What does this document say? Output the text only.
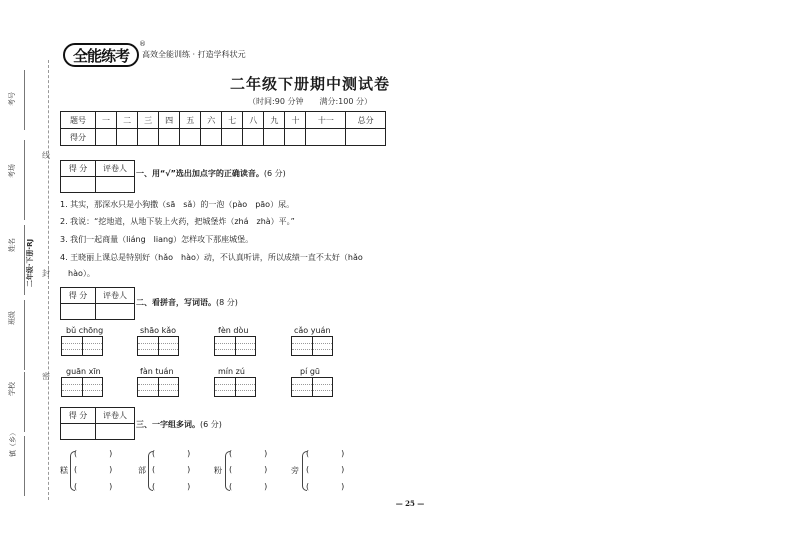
考号
考场
姓名
班级
学校
镇（乡）
二年级·下册·RJ
线
封
密
全能练考
®
高效全能训练 · 打造学科状元
二年级下册期中测试卷
（时间:90 分钟　　满分:100 分）
题号	一	二	三	四	五	六	七	八	九	十	十一	总分
得分												
得 分	评卷人

一、用“√”选出加点字的正确读音。(6 分)
1. 其实，那深水只是小狗撒（sā　sǎ）的一泡（pào　pāo）尿。
2. 我说：“挖地道，从地下装上火药，把城堡炸（zhá　zhà）平。”
3. 我们一起商量（liáng　liang）怎样攻下那座城堡。
4. 王晓丽上课总是特别好（hǎo　hào）动，不认真听讲，所以成绩一直不太好（hǎo
　hào）。
得 分	评卷人

二、看拼音，写词语。(8 分)
bǔ chōng	shāo kǎo	fèn dòu	cǎo yuán
guān xīn	fàn tuán	mín zú	pí gū
得 分	评卷人

三、一字组多词。(6 分)
糕
(　　　　)
(　　　　)
(　　　　)
部
(　　　　)
(　　　　)
(　　　　)
粉
(　　　　)
(　　　　)
(　　　　)
旁
(　　　　)
(　　　　)
(　　　　)
— 25 —
